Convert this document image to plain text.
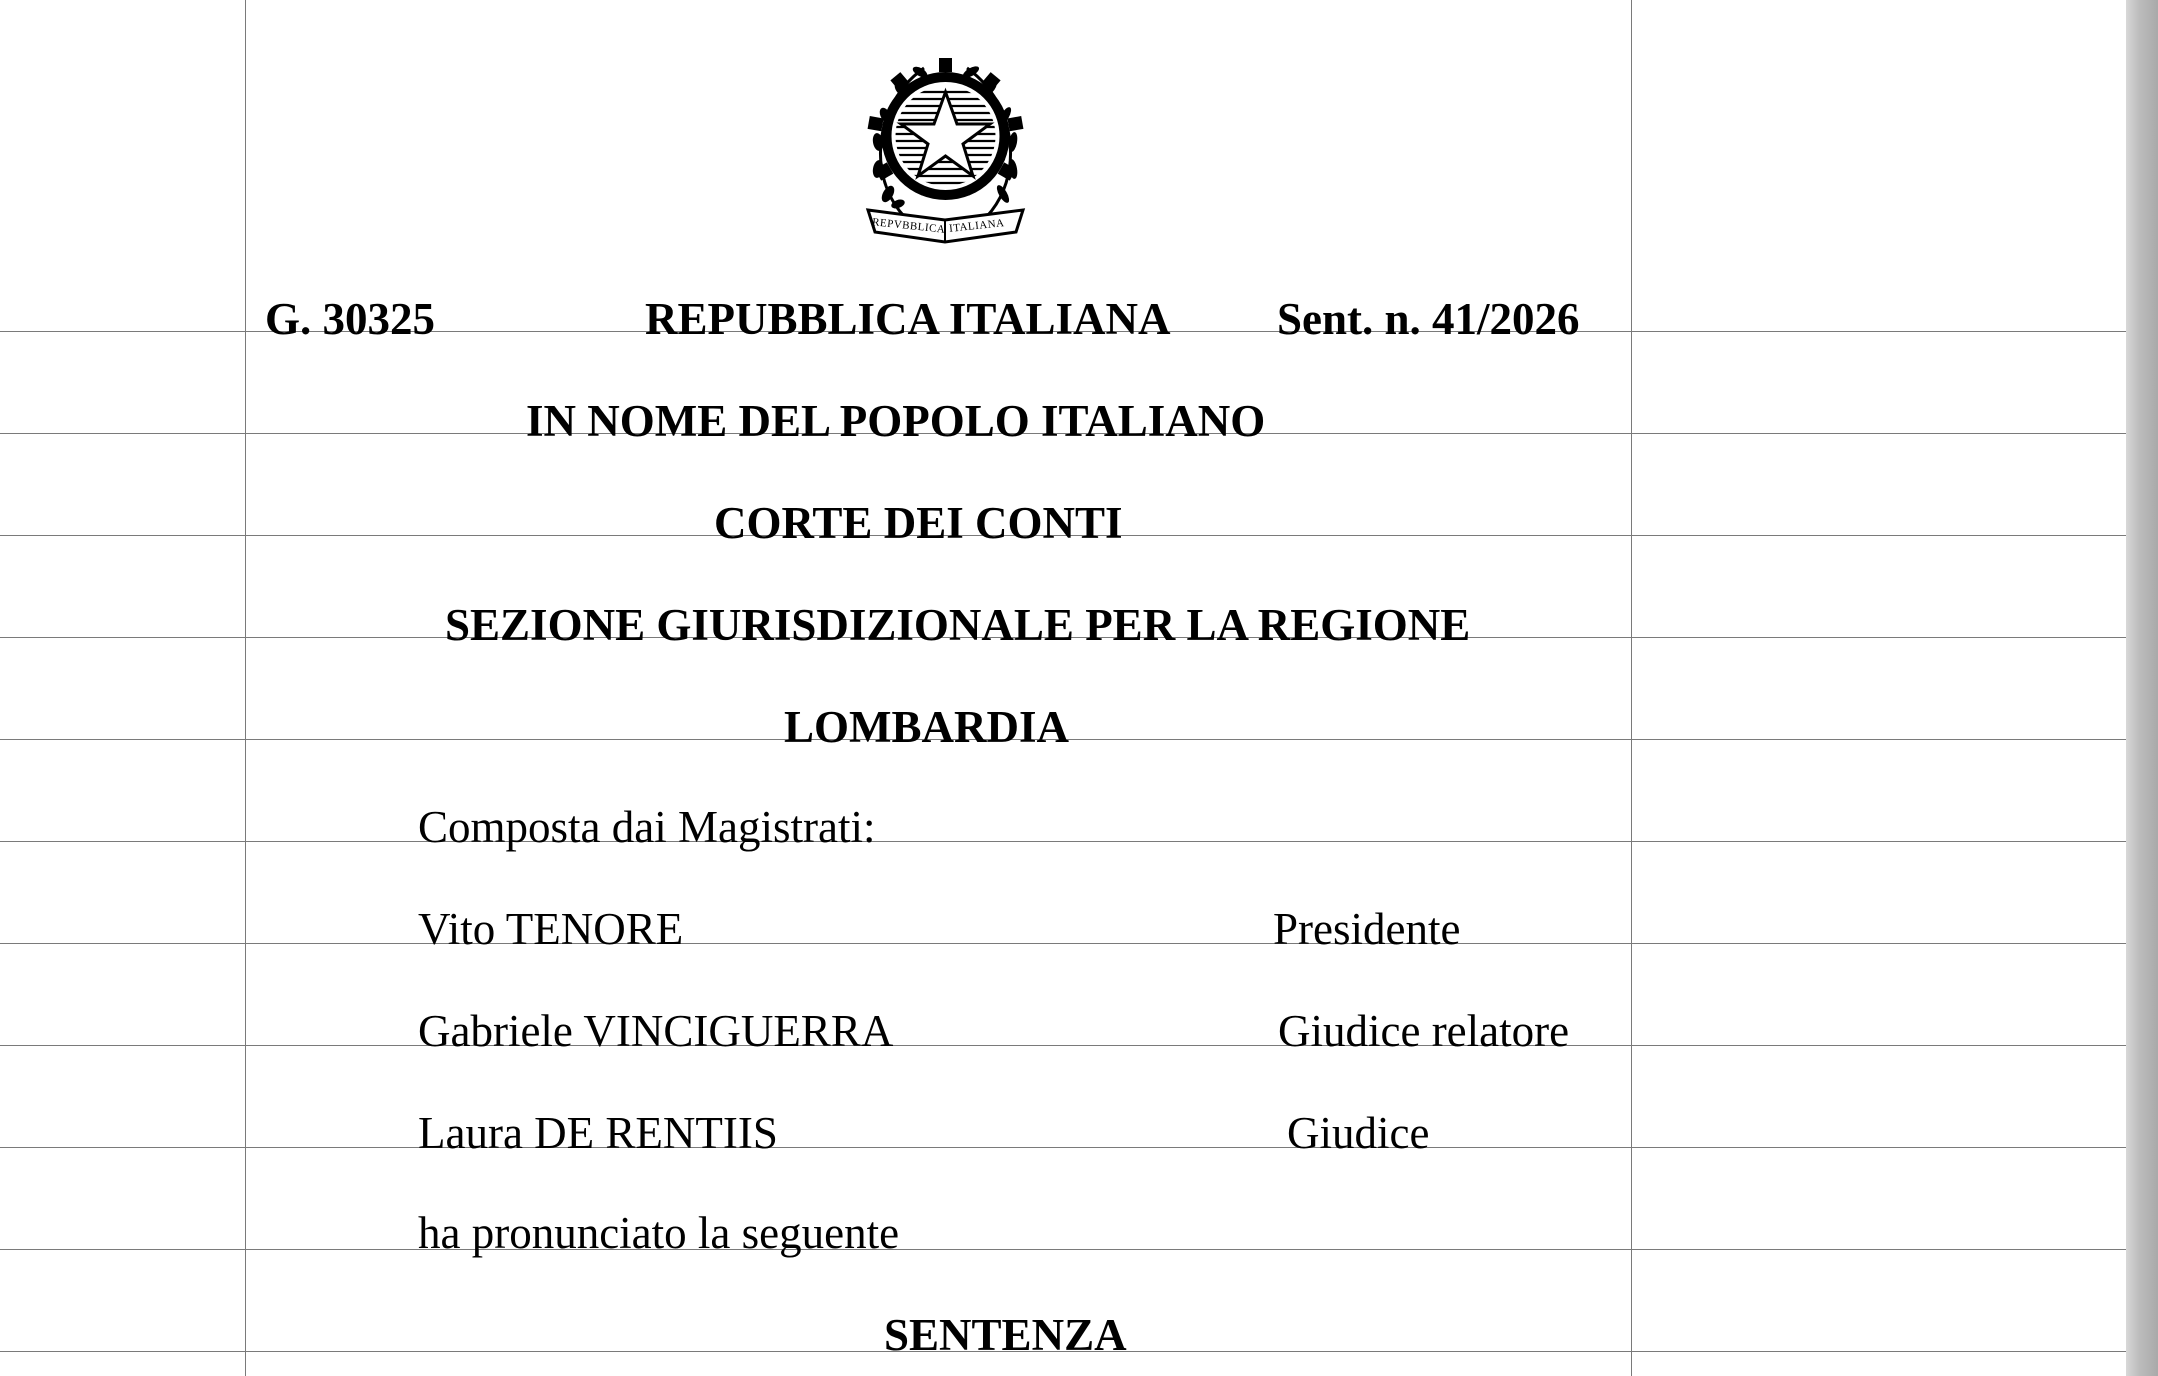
REPVBBLICA ITALIANA
G. 30325	REPUBBLICA ITALIANA Sent. n. 41/2026
IN NOME DEL POPOLO ITALIANO
CORTE DEI CONTI
SEZIONE GIURISDIZIONALE PER LA REGIONE
LOMBARDIA
Composta dai Magistrati:
Vito TENORE	Presidente
Gabriele VINCIGUERRA	Giudice relatore
Laura DE RENTIIS	Giudice
ha pronunciato la seguente
SENTENZA
